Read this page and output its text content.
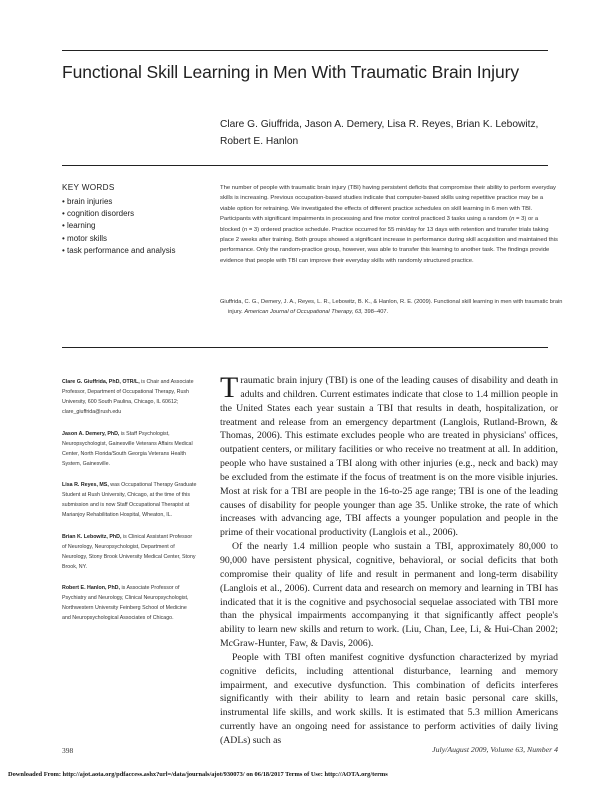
Functional Skill Learning in Men With Traumatic Brain Injury
Clare G. Giuffrida, Jason A. Demery, Lisa R. Reyes, Brian K. Lebowitz,
Robert E. Hanlon
KEY WORDS
• brain injuries
• cognition disorders
• learning
• motor skills
• task performance and analysis
The number of people with traumatic brain injury (TBI) having persistent deficits that compromise their ability to perform everyday skills is increasing. Previous occupation-based studies indicate that computer-based skills using repetitive practice may be a viable option for retraining. We investigated the effects of different practice schedules on skill learning in 6 men with TBI. Participants with significant impairments in processing and fine motor control practiced 3 tasks using a random (n = 3) or a blocked (n = 3) ordered practice schedule. Practice occurred for 55 min/day for 13 days with retention and transfer trials taking place 2 weeks after training. Both groups showed a significant increase in performance during skill acquisition and maintained this performance. Only the random-practice group, however, was able to transfer this learning to another task. The findings provide evidence that people with TBI can improve their everyday skills with randomly structured practice.
Giuffrida, C. G., Demery, J. A., Reyes, L. R., Lebowitz, B. K., & Hanlon, R. E. (2009). Functional skill learning in men with traumatic brain injury. American Journal of Occupational Therapy, 63, 398–407.
Clare G. Giuffrida, PhD, OTR/L, is Chair and Associate Professor, Department of Occupational Therapy, Rush University, 600 South Paulina, Chicago, IL 60612; clare_giuffrida@rush.edu
Jason A. Demery, PhD, is Staff Psychologist, Neuropsychologist, Gainesville Veterans Affairs Medical Center, North Florida/South Georgia Veterans Health System, Gainesville.
Lisa R. Reyes, MS, was Occupational Therapy Graduate Student at Rush University, Chicago, at the time of this submission and is now Staff Occupational Therapist at Marianjoy Rehabilitation Hospital, Wheaton, IL.
Brian K. Lebowitz, PhD, is Clinical Assistant Professor of Neurology, Neuropsychologist, Department of Neurology, Stony Brook University Medical Center, Stony Brook, NY.
Robert E. Hanlon, PhD, is Associate Professor of Psychiatry and Neurology, Clinical Neuropsychologist, Northwestern University Feinberg School of Medicine and Neuropsychological Associates of Chicago.

Traumatic brain injury (TBI) is one of the leading causes of disability and death in adults and children. Current estimates indicate that close to 1.4 million people in the United States each year sustain a TBI that results in death, hospitalization, or treatment and release from an emergency department (Langlois, Rutland-Brown, & Thomas, 2006). This estimate excludes people who are treated in physicians' offices, outpatient centers, or military facilities or who receive no treatment at all. In addition, people who have sustained a TBI along with other injuries (e.g., neck and back) may be excluded from the estimate if the focus of treatment is on the more visible injuries. Most at risk for a TBI are people in the 16-to-25 age range; TBI is one of the leading causes of disability for people younger than age 35. Unlike stroke, the rate of which increases with advancing age, TBI affects a younger population and people in the prime of their vocational productivity (Langlois et al., 2006).

Of the nearly 1.4 million people who sustain a TBI, approximately 80,000 to 90,000 have persistent physical, cognitive, behavioral, or social deficits that both compromise their quality of life and result in permanent and long-term disability (Langlois et al., 2006). Current data and research on memory and learning in TBI has indicated that it is the cognitive and psychosocial sequelae associated with TBI more than the physical impairments accompanying it that significantly affect people's ability to learn new skills and return to work. (Liu, Chan, Lee, Li, & Hui-Chan 2002; McGraw-Hunter, Faw, & Davis, 2006).

People with TBI often manifest cognitive dysfunction characterized by myriad cognitive deficits, including attentional disturbance, learning and memory impairment, and executive dysfunction. This combination of deficits interferes significantly with their ability to learn and retain basic personal care skills, instrumental life skills, and work skills. It is estimated that 5.3 million Americans currently have an ongoing need for assistance to perform activities of daily living (ADLs) such as

398	July/August 2009, Volume 63, Number 4
Downloaded From: http://ajot.aota.org/pdfaccess.ashx?url=/data/journals/ajot/930073/ on 06/18/2017 Terms of Use: http://AOTA.org/terms
